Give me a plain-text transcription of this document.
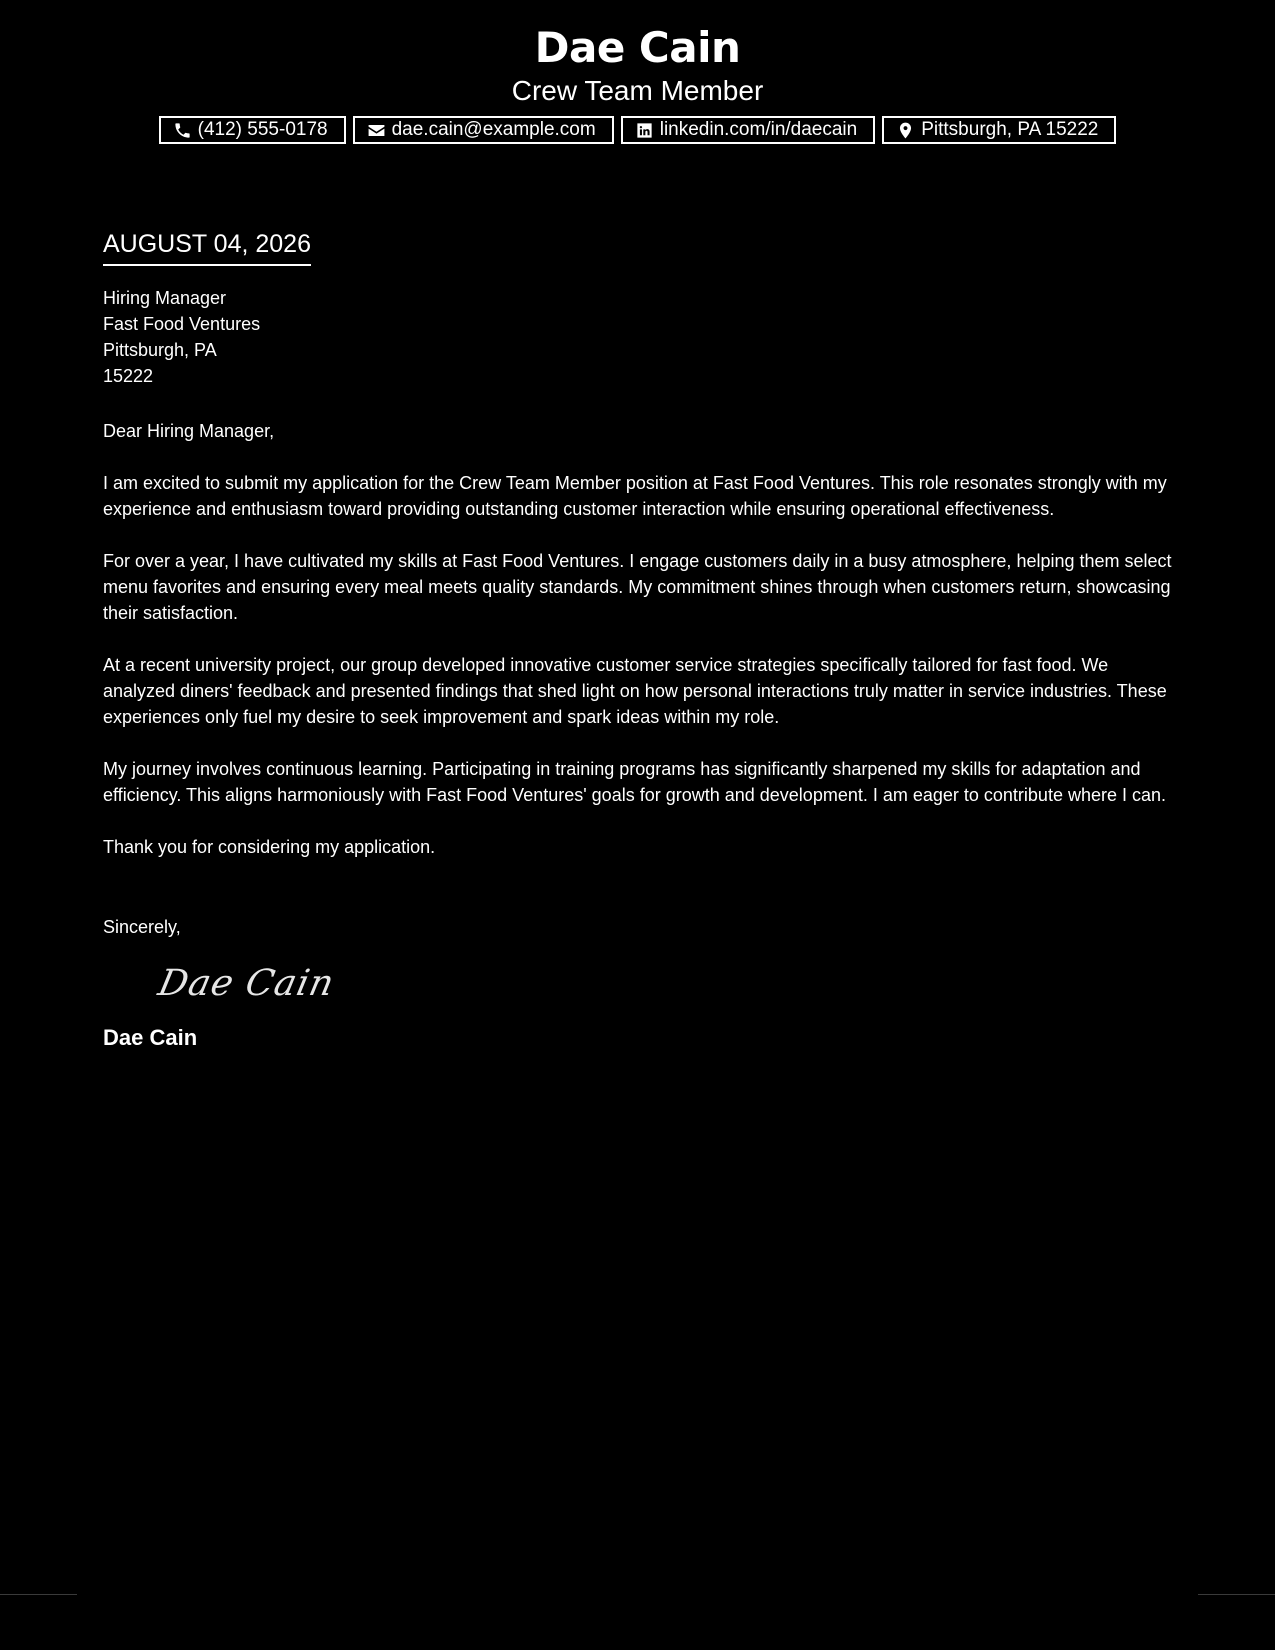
Dae Cain
Crew Team Member
(412) 555-0178	dae.cain@example.com	linkedin.com/in/daecain	Pittsburgh, PA 15222
AUGUST 04, 2026
Hiring Manager
Fast Food Ventures
Pittsburgh, PA
15222
Dear Hiring Manager,
I am excited to submit my application for the Crew Team Member position at Fast Food Ventures. This role resonates strongly with my experience and enthusiasm toward providing outstanding customer interaction while ensuring operational effectiveness.
For over a year, I have cultivated my skills at Fast Food Ventures. I engage customers daily in a busy atmosphere, helping them select menu favorites and ensuring every meal meets quality standards. My commitment shines through when customers return, showcasing their satisfaction.
At a recent university project, our group developed innovative customer service strategies specifically tailored for fast food. We analyzed diners' feedback and presented findings that shed light on how personal interactions truly matter in service industries. These experiences only fuel my desire to seek improvement and spark ideas within my role.
My journey involves continuous learning. Participating in training programs has significantly sharpened my skills for adaptation and efficiency. This aligns harmoniously with Fast Food Ventures' goals for growth and development. I am eager to contribute where I can.
Thank you for considering my application.
Sincerely,
Dae Cain
Dae Cain
